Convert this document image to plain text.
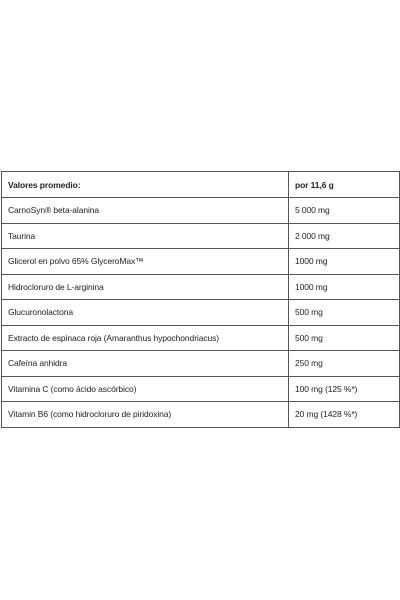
Valores promedio:	por 11,6 g
CarnoSyn® beta-alanina	5 000 mg
Taurina	2 000 mg
Glicerol en polvo 65% GlyceroMax™	1000 mg
Hidrocloruro de L-arginina	1000 mg
Glucuronolactona	500 mg
Extracto de espinaca roja (Amaranthus hypochondriacus)	500 mg
Cafeína anhidra	250 mg
Vitamina C (como ácido ascórbico)	100 mg (125 %*)
Vitamin B6 (como hidrocloruro de piridoxina)	20 mg (1428 %*)
